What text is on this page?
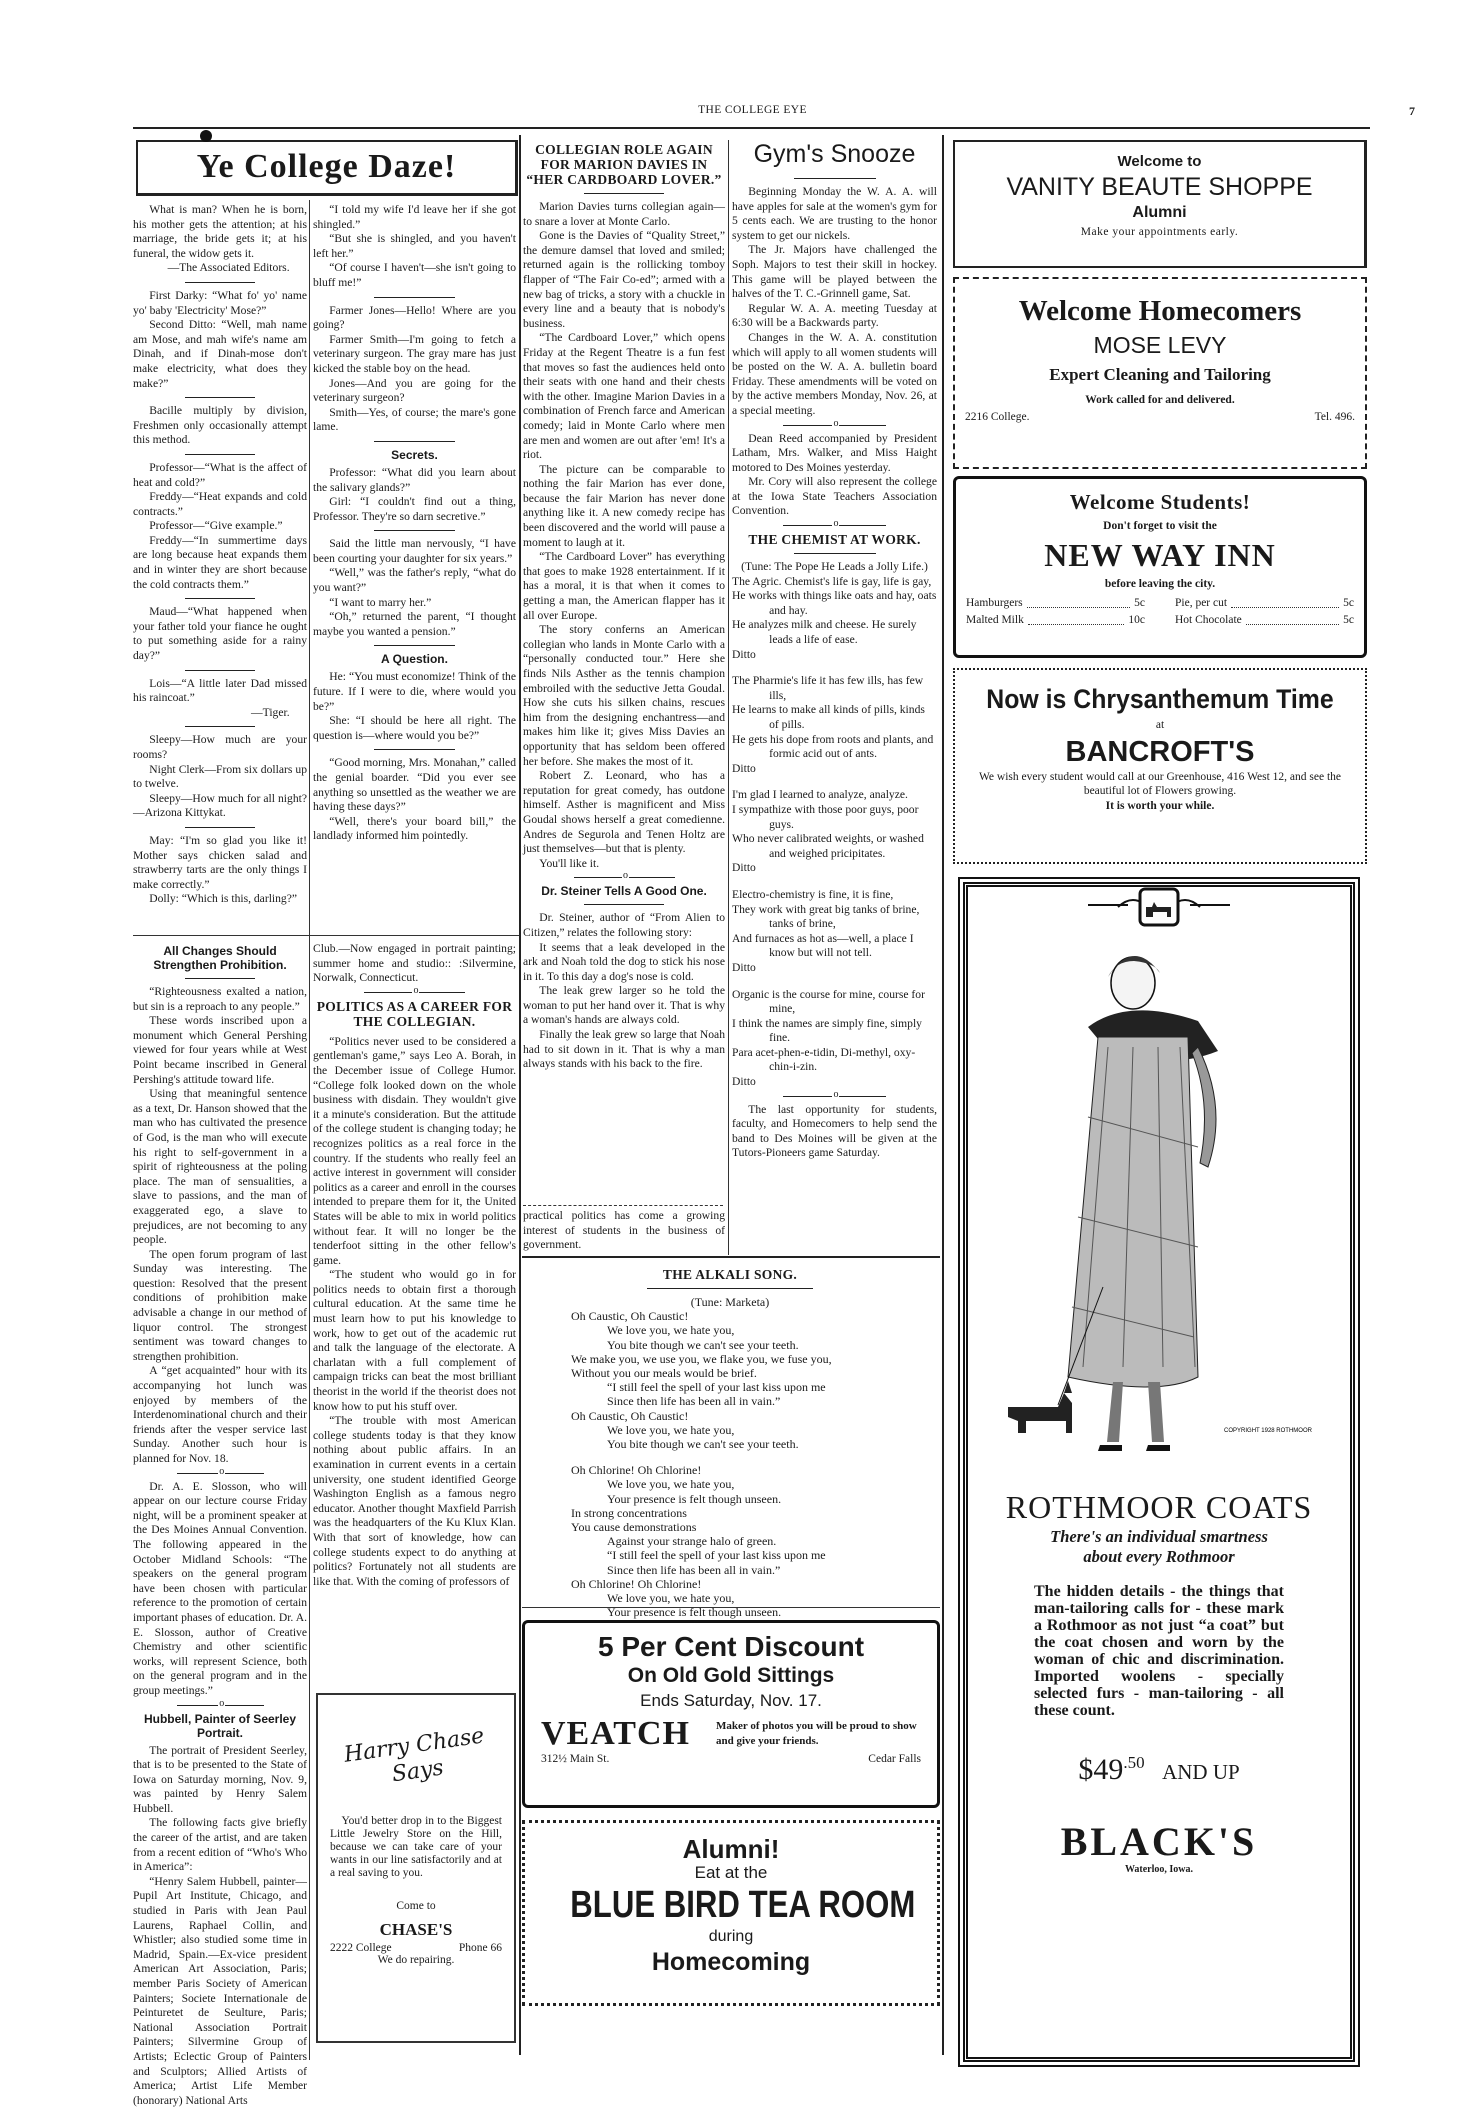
THE COLLEGE EYE	7
Ye College Daze!
What is man? When he is born, his mother gets the attention; at his marriage, the bride gets it; at his funeral, the widow gets it.
—The Associated Editors.
First Darky: “What fo' yo' name yo' baby 'Electricity' Mose?”
Second Ditto: “Well, mah name am Mose, and mah wife's name am Dinah, and if Dinah-mose don't make electricity, what does they make?”
Bacille multiply by division, Freshmen only occasionally attempt this method.
Professor—“What is the affect of heat and cold?”
Freddy—“Heat expands and cold contracts.”
Professor—“Give example.”
Freddy—“In summertime days are long because heat expands them and in winter they are short because the cold contracts them.”
Maud—“What happened when your father told your fiance he ought to put something aside for a rainy day?”
Lois—“A little later Dad missed his raincoat.”
—Tiger.
Sleepy—How much are your rooms?
Night Clerk—From six dollars up to twelve.
Sleepy—How much for all night?—Arizona Kittykat.
May: “I'm so glad you like it! Mother says chicken salad and strawberry tarts are the only things I make correctly.”
Dolly: “Which is this, darling?”
“I told my wife I'd leave her if she got shingled.”
“But she is shingled, and you haven't left her.”
“Of course I haven't—she isn't going to bluff me!”
Farmer Jones—Hello! Where are you going?
Farmer Smith—I'm going to fetch a veterinary surgeon. The gray mare has just kicked the stable boy on the head.
Jones—And you are going for the veterinary surgeon?
Smith—Yes, of course; the mare's gone lame.
Secrets.
Professor: “What did you learn about the salivary glands?”
Girl: “I couldn't find out a thing, Professor. They're so darn secretive.”
Said the little man nervously, “I have been courting your daughter for six years.”
“Well,” was the father's reply, “what do you want?”
“I want to marry her.”
“Oh,” returned the parent, “I thought maybe you wanted a pension.”
A Question.
He: “You must economize! Think of the future. If I were to die, where would you be?”
She: “I should be here all right. The question is—where would you be?”
“Good morning, Mrs. Monahan,” called the genial boarder. “Did you ever see anything so unsettled as the weather we are having these days?”
“Well, there's your board bill,” the landlady informed him pointedly.
All Changes Should Strengthen Prohibition.
“Righteousness exalted a nation, but sin is a reproach to any people.”
These words inscribed upon a monument which General Pershing viewed for four years while at West Point became inscribed in General Pershing's attitude toward life.
Using that meaningful sentence as a text, Dr. Hanson showed that the man who has cultivated the presence of God, is the man who will execute his right to self-government in a spirit of righteousness at the poling place. The man of sensualities, a slave to passions, and the man of exaggerated ego, a slave to prejudices, are not becoming to any people.
The open forum program of last Sunday was interesting. The question: Resolved that the present conditions of prohibition make advisable a change in our method of liquor control. The strongest sentiment was toward changes to strengthen prohibition.
A “get acquainted” hour with its accompanying hot lunch was enjoyed by members of the Interdenominational church and their friends after the vesper service last Sunday. Another such hour is planned for Nov. 18.
o
Dr. A. E. Slosson, who will appear on our lecture course Friday night, will be a prominent speaker at the Des Moines Annual Convention. The following appeared in the October Midland Schools: “The speakers on the general program have been chosen with particular reference to the promotion of certain important phases of education. Dr. A. E. Slosson, author of Creative Chemistry and other scientific works, will represent Science, both on the general program and in the group meetings.”
o
Hubbell, Painter of Seerley Portrait.
The portrait of President Seerley, that is to be presented to the State of Iowa on Saturday morning, Nov. 9, was painted by Henry Salem Hubbell.
The following facts give briefly the career of the artist, and are taken from a recent edition of “Who's Who in America”:
“Henry Salem Hubbell, painter—Pupil Art Institute, Chicago, and studied in Paris with Jean Paul Laurens, Raphael Collin, and Whistler; also studied some time in Madrid, Spain.—Ex-vice president American Art Association, Paris; member Paris Society of American Painters; Societe Internationale de Peinturetet de Seulture, Paris; National Association Portrait Painters; Silvermine Group of Artists; Eclectic Group of Painters and Sculptors; Allied Artists of America; Artist Life Member (honorary) National Arts
Club.—Now engaged in portrait painting; summer home and studio:: :Silvermine, Norwalk, Connecticut.
o
POLITICS AS A CAREER FOR THE COLLEGIAN.
“Politics never used to be considered a gentleman's game,” says Leo A. Borah, in the December issue of College Humor. “College folk looked down on the whole business with disdain. They wouldn't give it a minute's consideration. But the attitude of the college student is changing today; he recognizes politics as a real force in the country. If the students who really feel an active interest in government will consider politics as a career and enroll in the courses intended to prepare them for it, the United States will be able to mix in world politics without fear. It will no longer be the tenderfoot sitting in the other fellow's game.
“The student who would go in for politics needs to obtain first a thorough cultural education. At the same time he must learn how to put his knowledge to work, how to get out of the academic rut and talk the language of the electorate. A charlatan with a full complement of campaign tricks can beat the most brilliant theorist in the world if the theorist does not know how to put his stuff over.
“The trouble with most American college students today is that they know nothing about public affairs. In an examination in current events in a certain university, one student identified George Washington English as a famous negro educator. Another thought Maxfield Parrish was the headquarters of the Ku Klux Klan. With that sort of knowledge, how can college students expect to do anything at politics? Fortunately not all students are like that. With the coming of professors of
COLLEGIAN ROLE AGAIN FOR MARION DAVIES IN “HER CARDBOARD LOVER.”
Marion Davies turns collegian again—to snare a lover at Monte Carlo.
Gone is the Davies of “Quality Street,” the demure damsel that loved and smiled; returned again is the rollicking tomboy flapper of “The Fair Co-ed”; armed with a new bag of tricks, a story with a chuckle in every line and a beauty that is nobody's business.
“The Cardboard Lover,” which opens Friday at the Regent Theatre is a fun fest that moves so fast the audiences held onto their seats with one hand and their chests with the other. Imagine Marion Davies in a combination of French farce and American comedy; laid in Monte Carlo where men are men and women are out after 'em! It's a riot.
The picture can be comparable to nothing the fair Marion has ever done, because the fair Marion has never done anything like it. A new comedy recipe has been discovered and the world will pause a moment to laugh at it.
“The Cardboard Lover” has everything that goes to make 1928 entertainment. If it has a moral, it is that when it comes to getting a man, the American flapper has it all over Europe.
The story conferns an American collegian who lands in Monte Carlo with a “personally conducted tour.” Here she finds Nils Asther as the tennis champion embroiled with the seductive Jetta Goudal. How she cuts his silken chains, rescues him from the designing enchantress—and makes him like it; gives Miss Davies an opportunity that has seldom been offered her before. She makes the most of it.
Robert Z. Leonard, who has a reputation for great comedy, has outdone himself. Asther is magnificent and Miss Goudal shows herself a great comedienne. Andres de Segurola and Tenen Holtz are just themselves—but that is plenty.
You'll like it.
o
Dr. Steiner Tells A Good One.
Dr. Steiner, author of “From Alien to Citizen,” relates the following story:
It seems that a leak developed in the ark and Noah told the dog to stick his nose in it. To this day a dog's nose is cold.
The leak grew larger so he told the woman to put her hand over it. That is why a woman's hands are always cold.
Finally the leak grew so large that Noah had to sit down in it. That is why a man always stands with his back to the fire.
practical politics has come a growing interest of students in the business of government.
Gym's Snooze
Beginning Monday the W. A. A. will have apples for sale at the women's gym for 5 cents each. We are trusting to the honor system to get our nickels.
The Jr. Majors have challenged the Soph. Majors to test their skill in hockey. This game will be played between the halves of the T. C.-Grinnell game, Sat.
Regular W. A. A. meeting Tuesday at 6:30 will be a Backwards party.
Changes in the W. A. A. constitution which will apply to all women students will be posted on the W. A. A. bulletin board Friday. These amendments will be voted on by the active members Monday, Nov. 26, at a special meeting.
o
Dean Reed accompanied by President Latham, Mrs. Walker, and Miss Haight motored to Des Moines yesterday.
Mr. Cory will also represent the college at the Iowa State Teachers Association Convention.
o
THE CHEMIST AT WORK.
(Tune: The Pope He Leads a Jolly Life.)
The Agric. Chemist's life is gay, life is gay,
He works with things like oats and hay, oats and hay.
He analyzes milk and cheese. He surely leads a life of ease.
Ditto
The Pharmie's life it has few ills, has few ills,
He learns to make all kinds of pills, kinds of pills.
He gets his dope from roots and plants, and formic acid out of ants.
Ditto
I'm glad I learned to analyze, analyze.
I sympathize with those poor guys, poor guys.
Who never calibrated weights, or washed and weighed pricipitates.
Ditto
Electro-chemistry is fine, it is fine,
They work with great big tanks of brine, tanks of brine,
And furnaces as hot as—well, a place I know but will not tell.
Ditto
Organic is the course for mine, course for mine,
I think the names are simply fine, simply fine.
Para acet-phen-e-tidin, Di-methyl, oxy-chin-i-zin.
Ditto
o
The last opportunity for students, faculty, and Homecomers to help send the band to Des Moines will be given at the Tutors-Pioneers game Saturday.
THE ALKALI SONG.
(Tune: Marketa)
Oh Caustic, Oh Caustic!
We love you, we hate you,
You bite though we can't see your teeth.
We make you, we use you, we flake you, we fuse you,
Without you our meals would be brief.
“I still feel the spell of your last kiss upon me
Since then life has been all in vain.”
Oh Caustic, Oh Caustic!
We love you, we hate you,
You bite though we can't see your teeth.
Oh Chlorine! Oh Chlorine!
We love you, we hate you,
Your presence is felt though unseen.
In strong concentrations
You cause demonstrations
Against your strange halo of green.
“I still feel the spell of your last kiss upon me
Since then life has been all in vain.”
Oh Chlorine! Oh Chlorine!
We love you, we hate you,
Your presence is felt though unseen.
Harry Chase Says
You'd better drop in to the Biggest Little Jewelry Store on the Hill, because we can take care of your wants in our line satisfactorily and at a real saving to you.
Come to
CHASE'S
2222 College	Phone 66
We do repairing.
5 Per Cent Discount
On Old Gold Sittings
Ends Saturday, Nov. 17.
VEATCH Maker of photos you will be proud to show and give your friends.
312½ Main St.	Cedar Falls
Alumni!
Eat at the
BLUE BIRD TEA ROOM
during
Homecoming
Welcome to
VANITY BEAUTE SHOPPE
Alumni
Make your appointments early.
Welcome Homecomers
MOSE LEVY
Expert Cleaning and Tailoring
Work called for and delivered.
2216 College.	Tel. 496.
Welcome Students!
Don't forget to visit the
NEW WAY INN
before leaving the city.
Hamburgers	5c	Pie, per cut	5c
Malted Milk	10c	Hot Chocolate	5c
Now is Chrysanthemum Time
at
BANCROFT'S
We wish every student would call at our Greenhouse, 416 West 12, and see the beautiful lot of Flowers growing.
It is worth your while.
COPYRIGHT 1928 ROTHMOOR
ROTHMOOR COATS
There's an individual smartness
about every Rothmoor
The hidden details - the things that man-tailoring calls for - these mark a Rothmoor as not just “a coat” but the coat chosen and worn by the woman of chic and discrimination. Imported woolens - specially selected furs - man-tailoring - all these count.
$\$49^{.50}$ AND UP
BLACK'S
Waterloo, Iowa.
